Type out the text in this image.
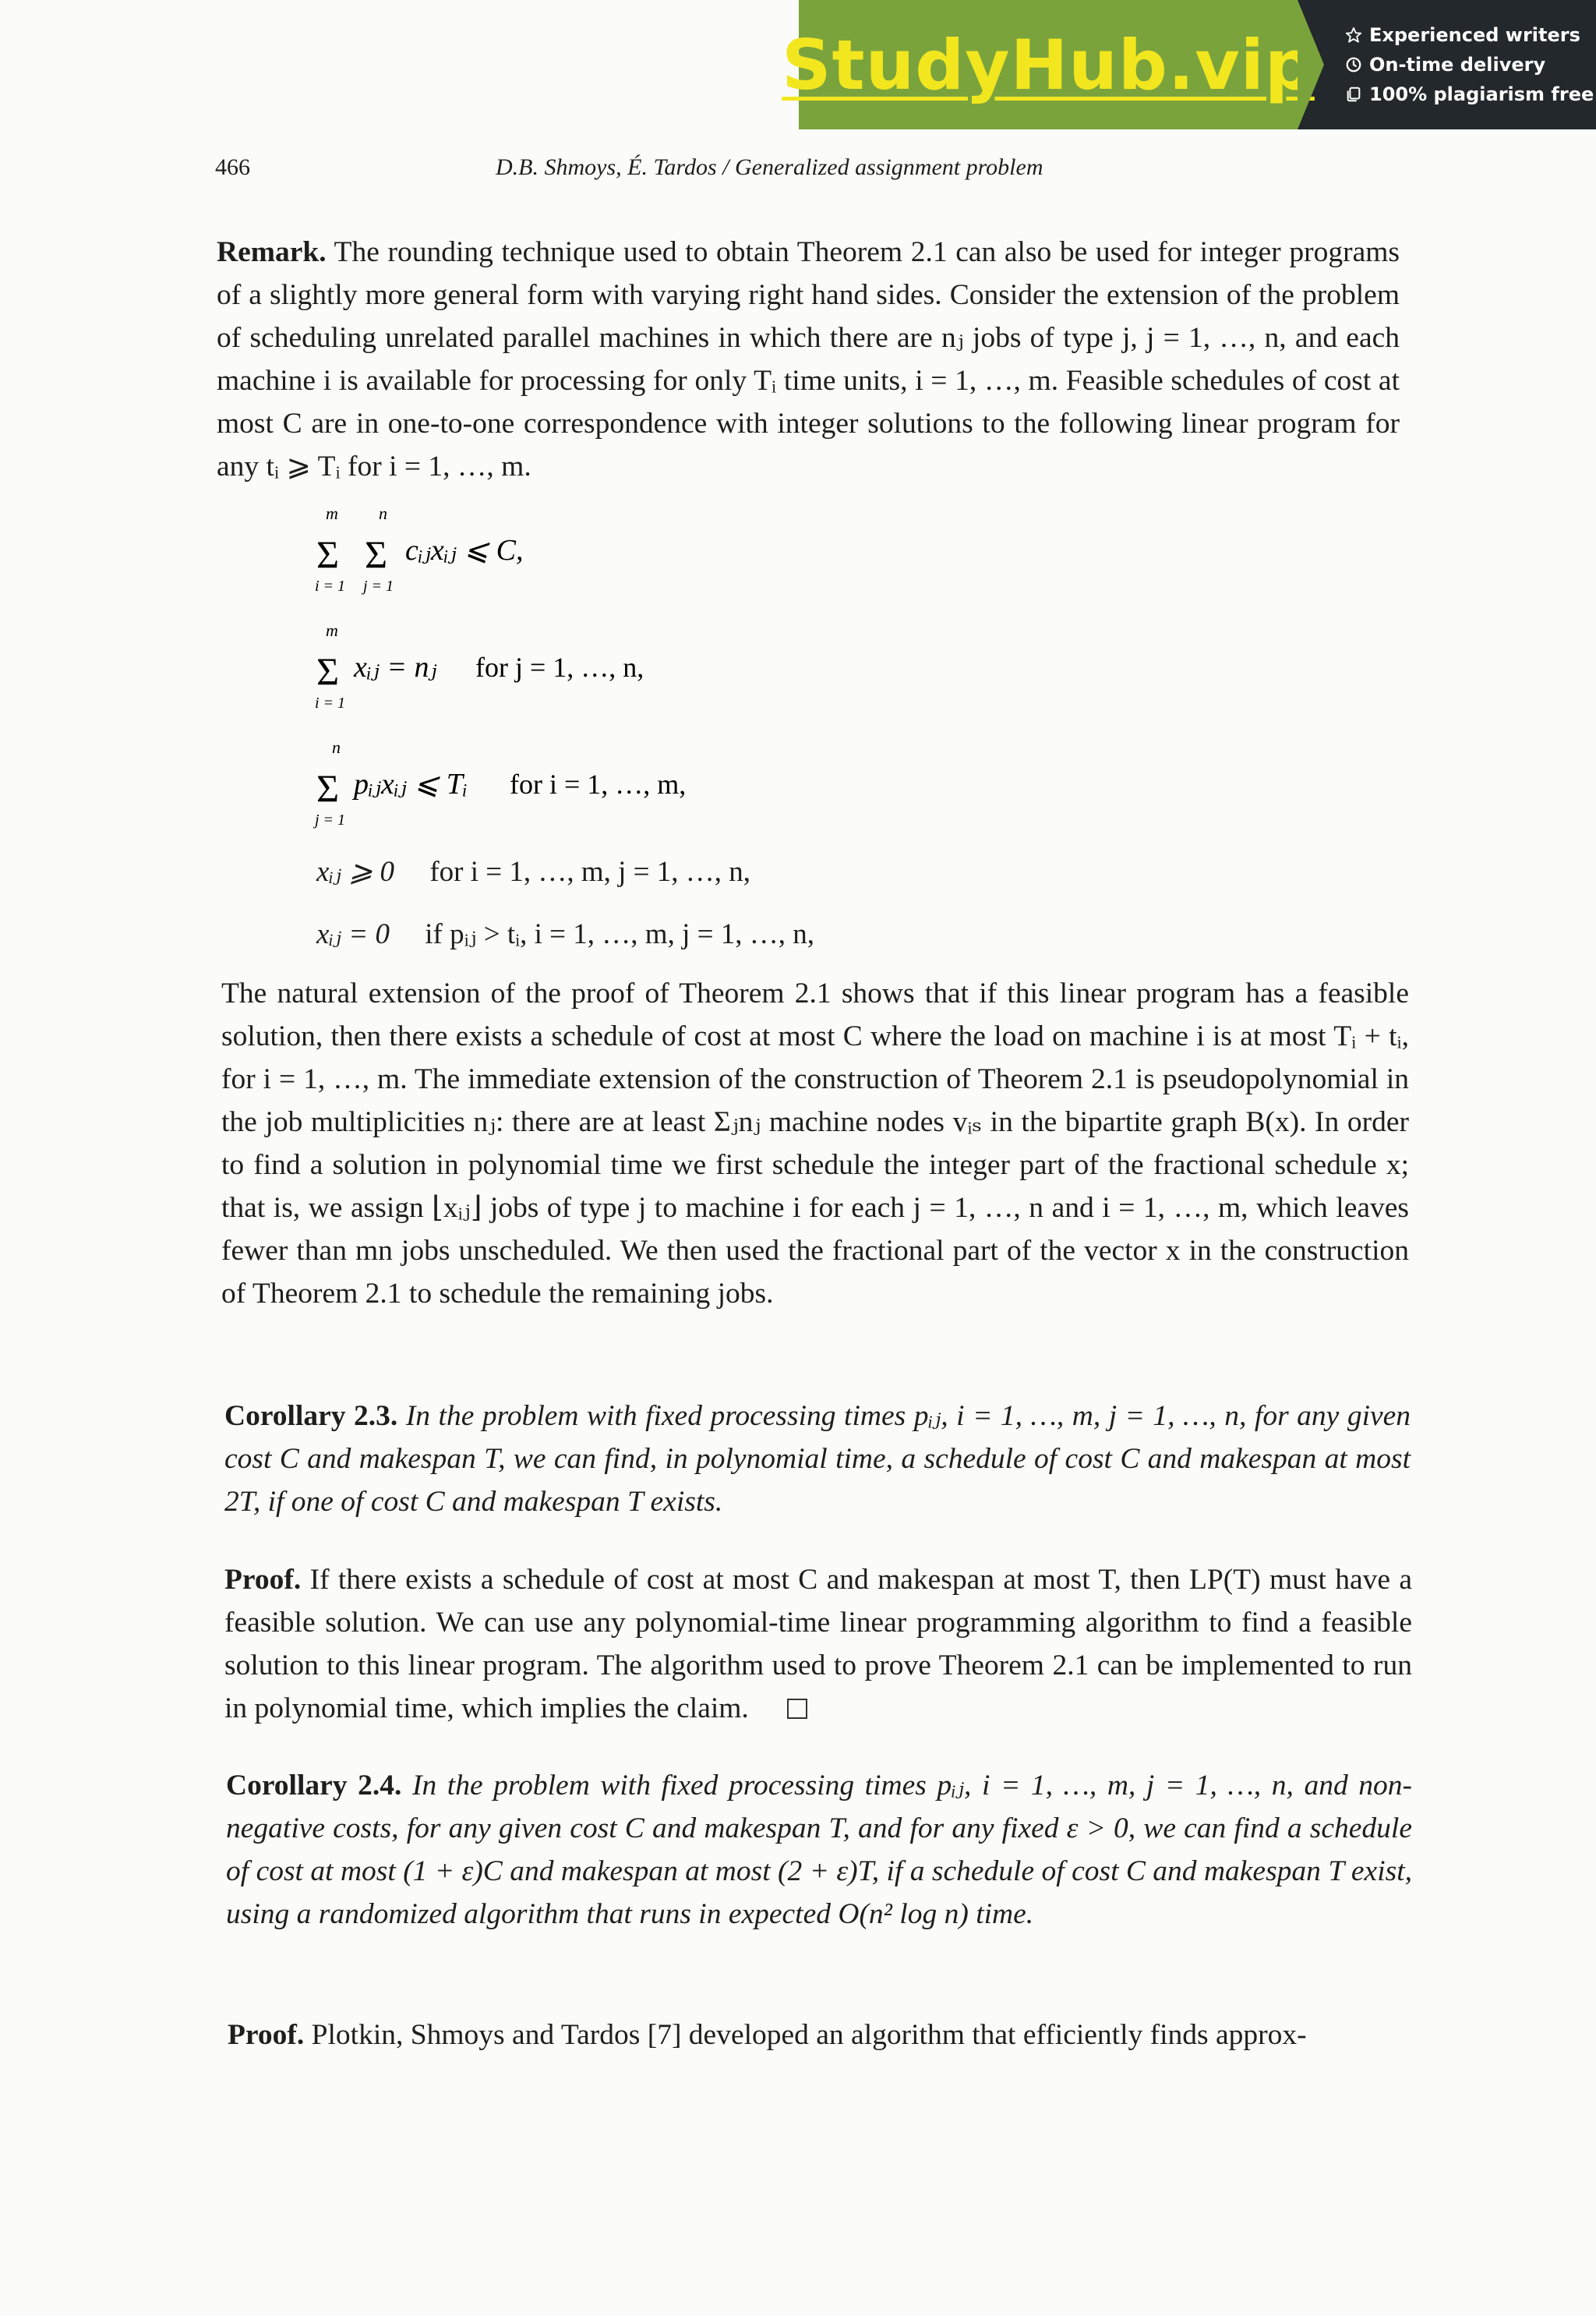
StudyHub.vip	Experienced writers
On-time delivery
100% plagiarism free
466	D.B. Shmoys, É. Tardos / Generalized assignment problem
Remark. The rounding technique used to obtain Theorem 2.1 can also be used for integer programs of a slightly more general form with varying right hand sides. Consider the extension of the problem of scheduling unrelated parallel machines in which there are nⱼ jobs of type j, j = 1, …, n, and each machine i is available for processing for only Tᵢ time units, i = 1, …, m. Feasible schedules of cost at most C are in one-to-one correspondence with integer solutions to the following linear program for any tᵢ ⩾ Tᵢ for i = 1, …, m.
m n
Σ Σ
i = 1 j = 1
cᵢⱼxᵢⱼ ⩽ C,
m
Σ
i = 1
xᵢⱼ = nⱼ for j = 1, …, n,
n
Σ
j = 1
pᵢⱼxᵢⱼ ⩽ Tᵢ for i = 1, …, m,
xᵢⱼ ⩾ 0 for i = 1, …, m, j = 1, …, n,
xᵢⱼ = 0 if pᵢⱼ > tᵢ, i = 1, …, m, j = 1, …, n,
The natural extension of the proof of Theorem 2.1 shows that if this linear program has a feasible solution, then there exists a schedule of cost at most C where the load on machine i is at most Tᵢ + tᵢ, for i = 1, …, m. The immediate extension of the construction of Theorem 2.1 is pseudopolynomial in the job multiplicities nⱼ: there are at least Σⱼnⱼ machine nodes vᵢₛ in the bipartite graph B(x). In order to find a solution in polynomial time we first schedule the integer part of the fractional schedule x; that is, we assign ⌊xᵢⱼ⌋ jobs of type j to machine i for each j = 1, …, n and i = 1, …, m, which leaves fewer than mn jobs unscheduled. We then used the fractional part of the vector x in the construction of Theorem 2.1 to schedule the remaining jobs.
Corollary 2.3. In the problem with fixed processing times pᵢⱼ, i = 1, …, m, j = 1, …, n, for any given cost C and makespan T, we can find, in polynomial time, a schedule of cost C and makespan at most 2T, if one of cost C and makespan T exists.
Proof. If there exists a schedule of cost at most C and makespan at most T, then LP(T) must have a feasible solution. We can use any polynomial-time linear programming algorithm to find a feasible solution to this linear program. The algorithm used to prove Theorem 2.1 can be implemented to run in polynomial time, which implies the claim.
Corollary 2.4. In the problem with fixed processing times pᵢⱼ, i = 1, …, m, j = 1, …, n, and non-negative costs, for any given cost C and makespan T, and for any fixed ε > 0, we can find a schedule of cost at most (1 + ε)C and makespan at most (2 + ε)T, if a schedule of cost C and makespan T exist, using a randomized algorithm that runs in expected O(n² log n) time.
Proof. Plotkin, Shmoys and Tardos [7] developed an algorithm that efficiently finds approx-
